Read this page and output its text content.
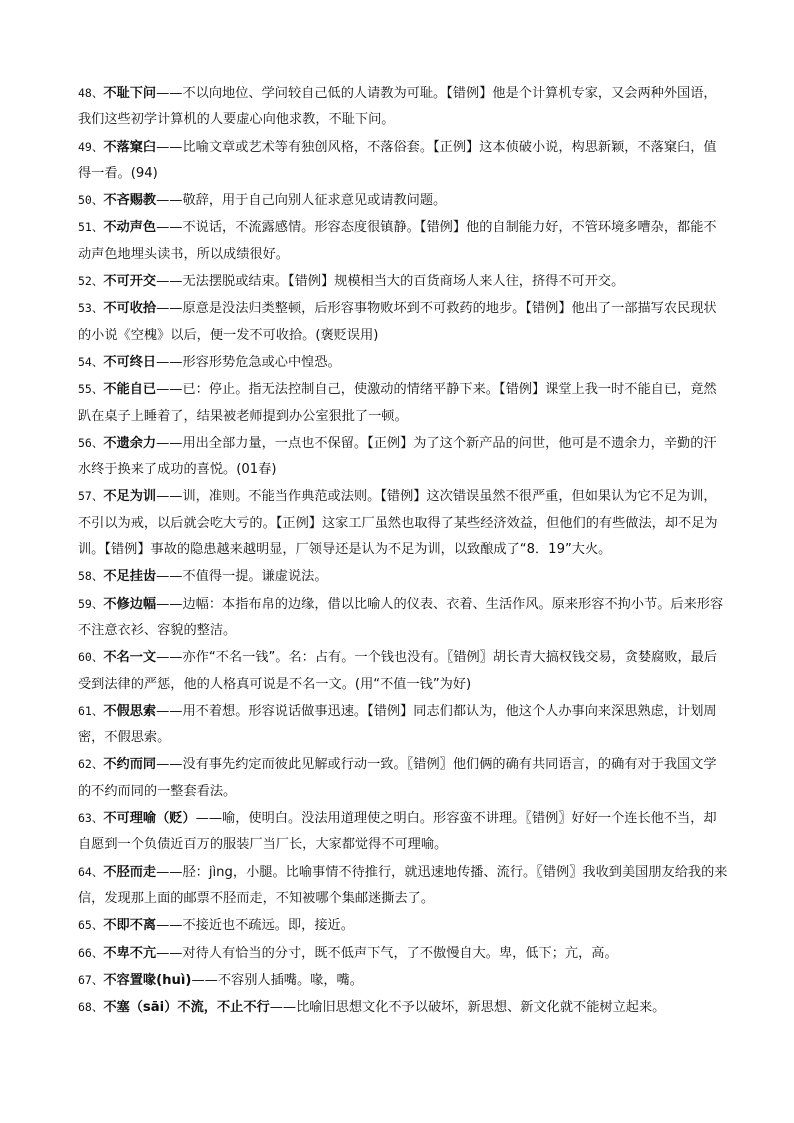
48、不耻下问——不以向地位、学问较自己低的人请教为可耻。【错例】他是个计算机专家，又会两种外国语，我们这些初学计算机的人要虚心向他求教，不耻下问。

49、不落窠臼——比喻文章或艺术等有独创风格，不落俗套。【正例】这本侦破小说，构思新颖，不落窠臼，值得一看。(94)

50、不吝赐教——敬辞，用于自己向别人征求意见或请教问题。

51、不动声色——不说话，不流露感情。形容态度很镇静。【错例】他的自制能力好，不管环境多嘈杂，都能不动声色地埋头读书，所以成绩很好。

52、不可开交——无法摆脱或结束。【错例】规模相当大的百货商场人来人往，挤得不可开交。

53、不可收拾——原意是没法归类整顿，后形容事物败坏到不可救药的地步。【错例】他出了一部描写农民现状的小说《空槐》以后，便一发不可收拾。(褒贬误用)

54、不可终日——形容形势危急或心中惶恐。

55、不能自已——已：停止。指无法控制自己，使激动的情绪平静下来。【错例】课堂上我一时不能自已，竟然趴在桌子上睡着了，结果被老师提到办公室狠批了一顿。

56、不遗余力——用出全部力量，一点也不保留。【正例】为了这个新产品的问世，他可是不遗余力，辛勤的汗水终于换来了成功的喜悦。(01春)

57、不足为训——训，准则。不能当作典范或法则。【错例】这次错误虽然不很严重，但如果认为它不足为训，不引以为戒，以后就会吃大亏的。【正例】这家工厂虽然也取得了某些经济效益，但他们的有些做法，却不足为训。【错例】事故的隐患越来越明显，厂领导还是认为不足为训，以致酿成了“8．19”大火。

58、不足挂齿——不值得一提。谦虚说法。

59、不修边幅——边幅：本指布帛的边缘，借以比喻人的仪表、衣着、生活作风。原来形容不拘小节。后来形容不注意衣衫、容貌的整洁。

60、不名一文——亦作“不名一钱”。名：占有。一个钱也没有。〖错例〗胡长青大搞权钱交易，贪婪腐败，最后受到法律的严惩，他的人格真可说是不名一文。(用“不值一钱”为好)

61、不假思索——用不着想。形容说话做事迅速。【错例】同志们都认为，他这个人办事向来深思熟虑，计划周密，不假思索。

62、不约而同——没有事先约定而彼此见解或行动一致。〖错例〗他们俩的确有共同语言，的确有对于我国文学的不约而同的一整套看法。

63、不可理喻（贬）——喻，使明白。没法用道理使之明白。形容蛮不讲理。〖错例〗好好一个连长他不当，却自愿到一个负债近百万的服装厂当厂长，大家都觉得不可理喻。

64、不胫而走——胫：jìng，小腿。比喻事情不待推行，就迅速地传播、流行。〖错例〗我收到美国朋友给我的来信，发现那上面的邮票不胫而走，不知被哪个集邮迷撕去了。

65、不即不离——不接近也不疏远。即，接近。

66、不卑不亢——对待人有恰当的分寸，既不低声下气，了不傲慢自大。卑，低下；亢，高。

67、不容置喙(huì)——不容别人插嘴。喙，嘴。

68、不塞（sāi）不流，不止不行——比喻旧思想文化不予以破坏，新思想、新文化就不能树立起来。
